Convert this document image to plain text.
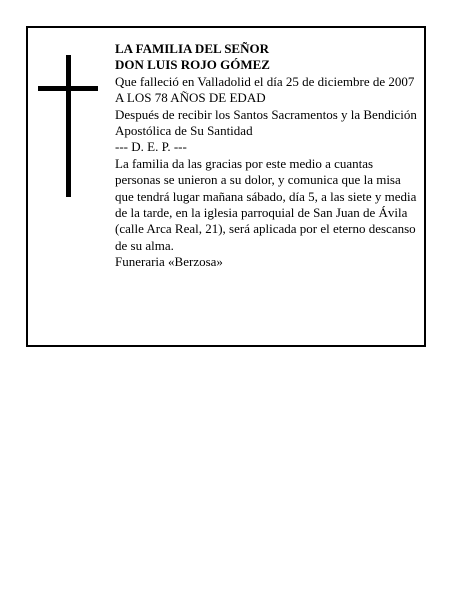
LA FAMILIA DEL SEÑOR
DON LUIS ROJO GÓMEZ
Que falleció en Valladolid el día 25 de diciembre de 2007
A LOS 78 AÑOS DE EDAD
Después de recibir los Santos Sacramentos y la Bendición Apostólica de Su Santidad
--- D. E. P. ---
La familia da las gracias por este medio a cuantas personas se unieron a su dolor, y comunica que la misa que tendrá lugar mañana sábado, día 5, a las siete y media de la tarde, en la iglesia parroquial de San Juan de Ávila (calle Arca Real, 21), será aplicada por el eterno descanso de su alma.
Funeraria «Berzosa»
